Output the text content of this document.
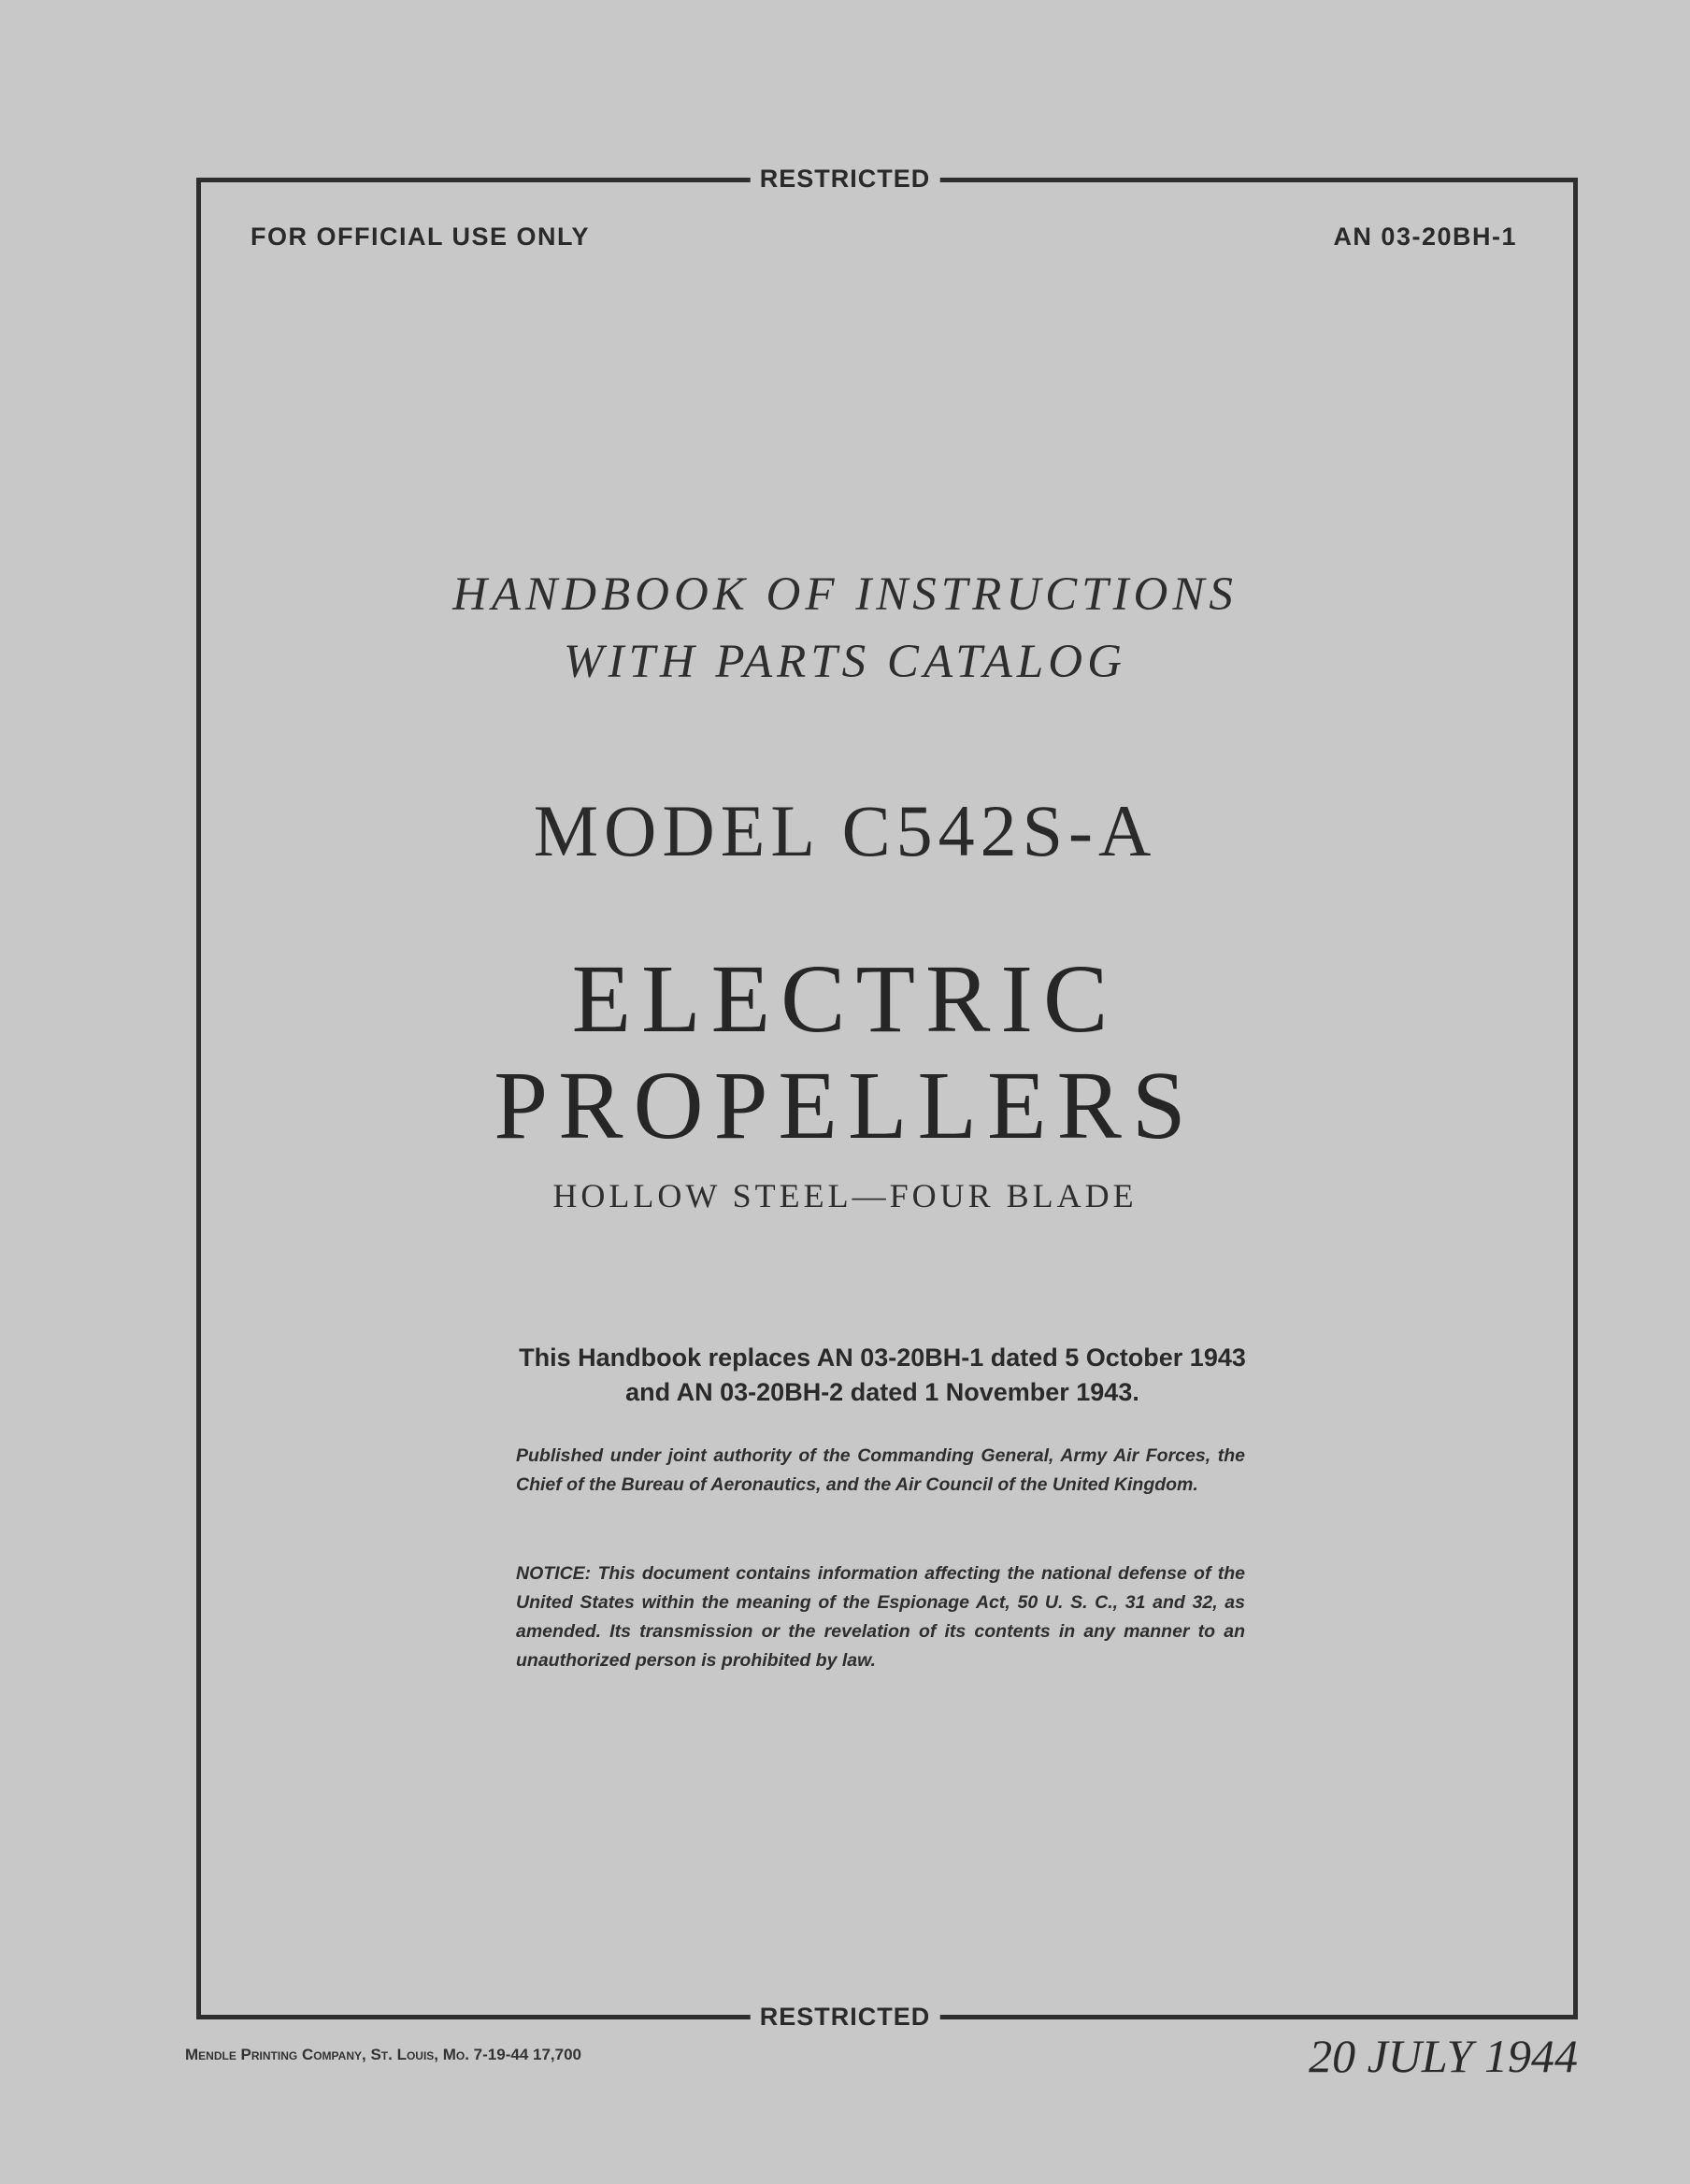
RESTRICTED
FOR OFFICIAL USE ONLY	AN 03-20BH-1
HANDBOOK OF INSTRUCTIONS
WITH PARTS CATALOG
MODEL C542S-A
ELECTRIC
PROPELLERS
HOLLOW STEEL—FOUR BLADE
This Handbook replaces AN 03-20BH-1 dated 5 October 1943 and AN 03-20BH-2 dated 1 November 1943.
Published under joint authority of the Commanding General, Army Air Forces, the Chief of the Bureau of Aeronautics, and the Air Council of the United Kingdom.
NOTICE: This document contains information affecting the national defense of the United States within the meaning of the Espionage Act, 50 U. S. C., 31 and 32, as amended. Its transmission or the revelation of its contents in any manner to an unauthorized person is prohibited by law.
RESTRICTED
Mendle Printing Company, St. Louis, Mo. 7-19-44 17,700	20 JULY 1944
